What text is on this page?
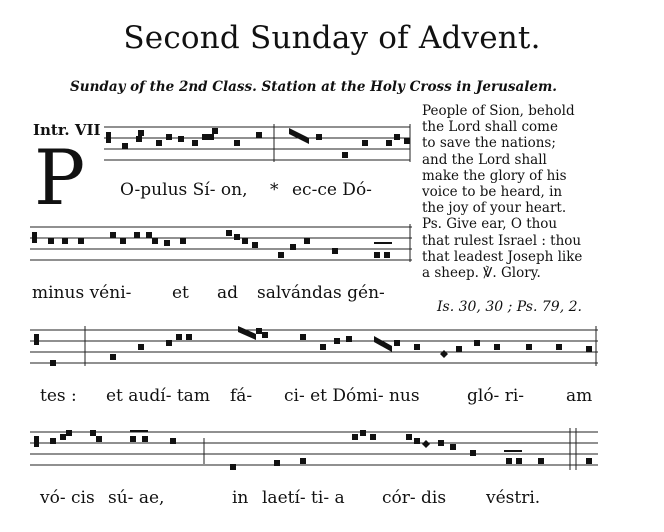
Second Sunday of Advent.
Sunday of the 2nd Class. Station at the Holy Cross in Jerusalem.
Intr. VII
P O-pulus Sí- on, * ec-ce Dó-
minus véni- et ad salvándas gén-

People of Sion, behold

the Lord shall come

to save the nations;

and the Lord shall

make the glory of his

voice to be heard, in

the joy of your heart.

Ps. Give ear, O thou

that rulest Israel : thou

that leadest Joseph like

a sheep. ℣. Glory.

Is. 30, 30 ; Ps. 79, 2.
tes : et audí- tam fá- ci- et Dómi- nus	gló- ri- am
vó- cis sú- ae,	in laetí- ti- a cór- dis véstri.
